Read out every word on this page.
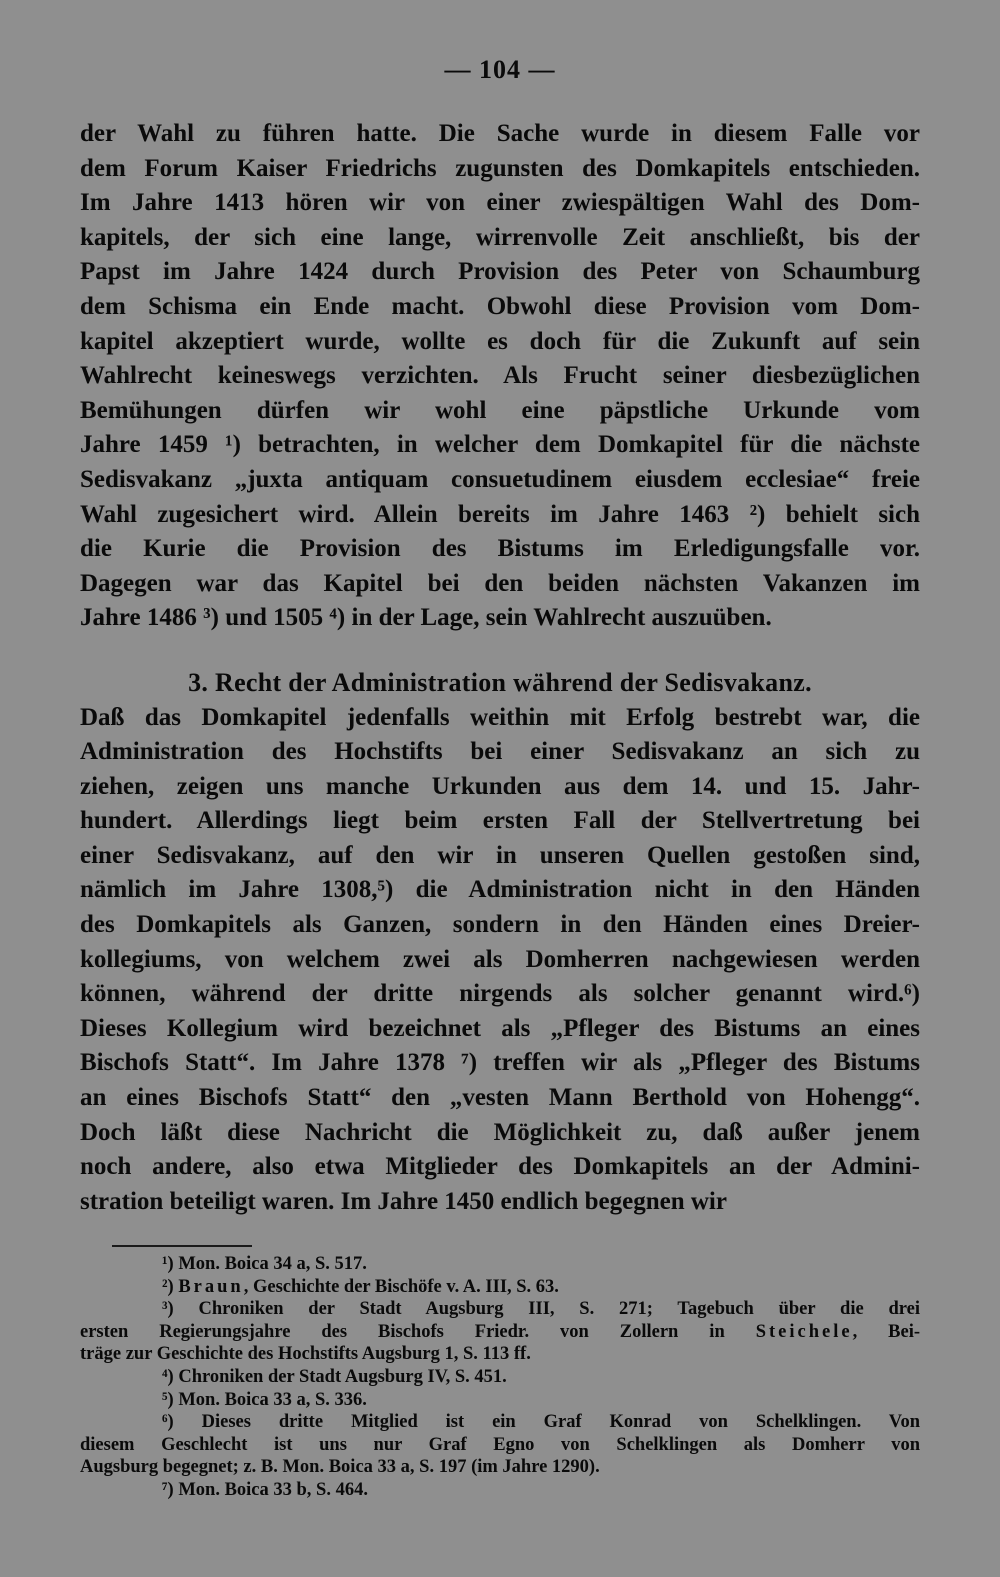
— 104 —
der Wahl zu führen hatte. Die Sache wurde in diesem Falle vor
dem Forum Kaiser Friedrichs zugunsten des Domkapitels entschieden.
Im Jahre 1413 hören wir von einer zwiespältigen Wahl des Dom-
kapitels, der sich eine lange, wirrenvolle Zeit anschließt, bis der
Papst im Jahre 1424 durch Provision des Peter von Schaumburg
dem Schisma ein Ende macht. Obwohl diese Provision vom Dom-
kapitel akzeptiert wurde, wollte es doch für die Zukunft auf sein
Wahlrecht keineswegs verzichten. Als Frucht seiner diesbezüglichen
Bemühungen dürfen wir wohl eine päpstliche Urkunde vom
Jahre 1459 ¹) betrachten, in welcher dem Domkapitel für die nächste
Sedisvakanz „juxta antiquam consuetudinem eiusdem ecclesiae“ freie
Wahl zugesichert wird. Allein bereits im Jahre 1463 ²) behielt sich
die Kurie die Provision des Bistums im Erledigungsfalle vor.
Dagegen war das Kapitel bei den beiden nächsten Vakanzen im
Jahre 1486 ³) und 1505 ⁴) in der Lage, sein Wahlrecht auszuüben.
3. Recht der Administration während der Sedisvakanz.
Daß das Domkapitel jedenfalls weithin mit Erfolg bestrebt war, die
Administration des Hochstifts bei einer Sedisvakanz an sich zu
ziehen, zeigen uns manche Urkunden aus dem 14. und 15. Jahr-
hundert. Allerdings liegt beim ersten Fall der Stellvertretung bei
einer Sedisvakanz, auf den wir in unseren Quellen gestoßen sind,
nämlich im Jahre 1308,⁵) die Administration nicht in den Händen
des Domkapitels als Ganzen, sondern in den Händen eines Dreier-
kollegiums, von welchem zwei als Domherren nachgewiesen werden
können, während der dritte nirgends als solcher genannt wird.⁶)
Dieses Kollegium wird bezeichnet als „Pfleger des Bistums an eines
Bischofs Statt“. Im Jahre 1378 ⁷) treffen wir als „Pfleger des Bistums
an eines Bischofs Statt“ den „vesten Mann Berthold von Hohengg“.
Doch läßt diese Nachricht die Möglichkeit zu, daß außer jenem
noch andere, also etwa Mitglieder des Domkapitels an der Admini-
stration beteiligt waren. Im Jahre 1450 endlich begegnen wir
¹) Mon. Boica 34 a, S. 517.
²) Braun, Geschichte der Bischöfe v. A. III, S. 63.
³) Chroniken der Stadt Augsburg III, S. 271; Tagebuch über die drei
ersten Regierungsjahre des Bischofs Friedr. von Zollern in Steichele, Bei-
träge zur Geschichte des Hochstifts Augsburg 1, S. 113 ff.
⁴) Chroniken der Stadt Augsburg IV, S. 451.
⁵) Mon. Boica 33 a, S. 336.
⁶) Dieses dritte Mitglied ist ein Graf Konrad von Schelklingen. Von
diesem Geschlecht ist uns nur Graf Egno von Schelklingen als Domherr von
Augsburg begegnet; z. B. Mon. Boica 33 a, S. 197 (im Jahre 1290).
⁷) Mon. Boica 33 b, S. 464.
